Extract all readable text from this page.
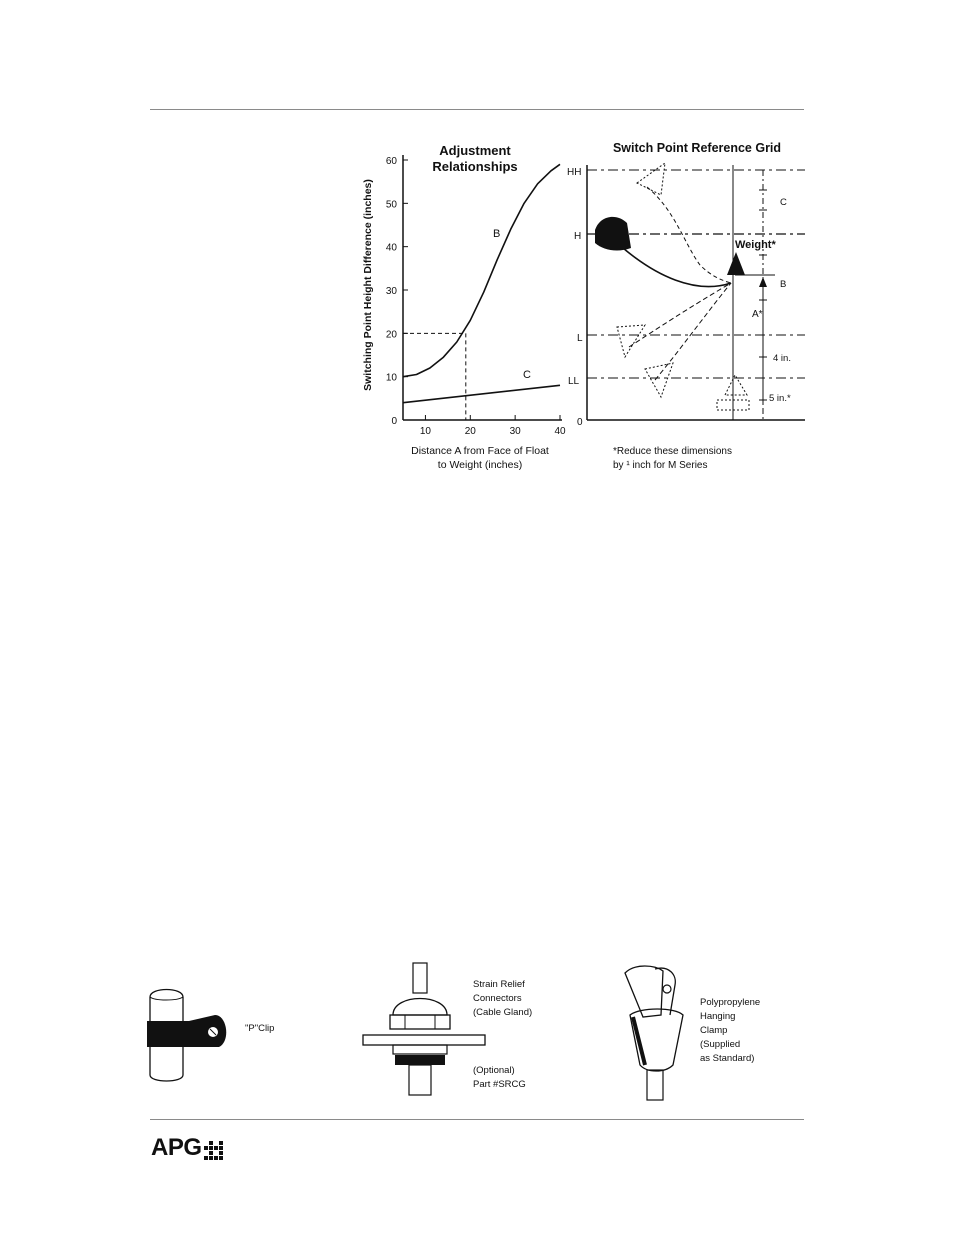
Adjustment
Relationships
Switching Point Height Difference (inches)
0
10
20
30
40
50
60
10	20	30	40
B
C
Distance A from Face of Float
to Weight (inches)
Switch Point Reference Grid
HH
H
L
LL
0
C
B
4 in.
5 in.*
A*
Weight*
*Reduce these dimensions
by ¹ inch for M Series
"P"Clip
Strain Relief
Connectors
(Cable Gland)
(Optional)
Part #SRCG
Polypropylene
Hanging
Clamp
(Supplied
as Standard)
APG
